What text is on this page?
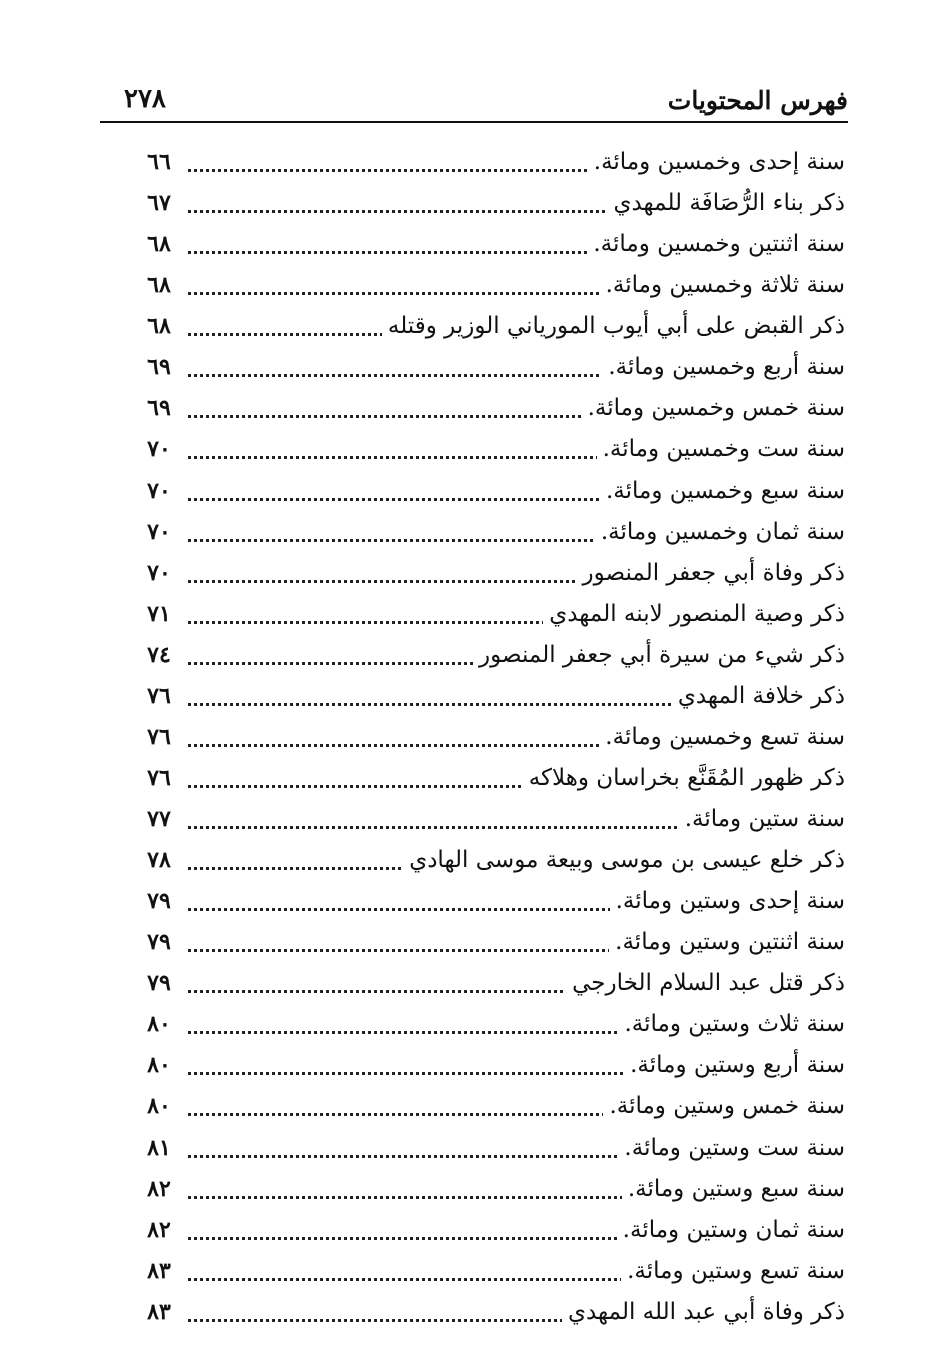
فهرس المحتويات
٢٧٨
سنة إحدى وخمسين ومائة.
٦٦
ذكر بناء الرُّصَافَة للمهدي
٦٧
سنة اثنتين وخمسين ومائة.
٦٨
سنة ثلاثة وخمسين ومائة.
٦٨
ذكر القبض على أبي أيوب المورياني الوزير وقتله
٦٨
سنة أربع وخمسين ومائة.
٦٩
سنة خمس وخمسين ومائة.
٦٩
سنة ست وخمسين ومائة.
٧٠
سنة سبع وخمسين ومائة.
٧٠
سنة ثمان وخمسين ومائة.
٧٠
ذكر وفاة أبي جعفر المنصور
٧٠
ذكر وصية المنصور لابنه المهدي
٧١
ذكر شيء من سيرة أبي جعفر المنصور
٧٤
ذكر خلافة المهدي
٧٦
سنة تسع وخمسين ومائة.
٧٦
ذكر ظهور المُقَنَّع بخراسان وهلاكه
٧٦
سنة ستين ومائة.
٧٧
ذكر خلع عيسى بن موسى وبيعة موسى الهادي
٧٨
سنة إحدى وستين ومائة.
٧٩
سنة اثنتين وستين ومائة.
٧٩
ذكر قتل عبد السلام الخارجي
٧٩
سنة ثلاث وستين ومائة.
٨٠
سنة أربع وستين ومائة.
٨٠
سنة خمس وستين ومائة.
٨٠
سنة ست وستين ومائة.
٨١
سنة سبع وستين ومائة.
٨٢
سنة ثمان وستين ومائة.
٨٢
سنة تسع وستين ومائة.
٨٣
ذكر وفاة أبي عبد الله المهدي
٨٣
